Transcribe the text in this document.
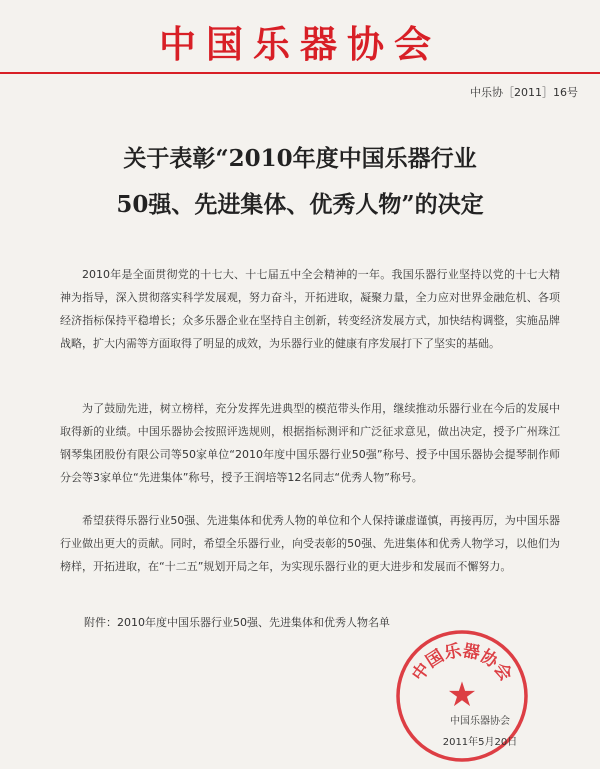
中国乐器协会
中乐协［2011］16号
关于表彰“2010年度中国乐器行业
50强、先进集体、优秀人物”的决定

2010年是全面贯彻党的十七大、十七届五中全会精神的一年。我国乐器行业坚持以党的十七大精神为指导，深入贯彻落实科学发展观，努力奋斗，开拓进取，凝聚力量，全力应对世界金融危机、各项经济指标保持平稳增长；众多乐器企业在坚持自主创新，转变经济发展方式，加快结构调整，实施品牌战略，扩大内需等方面取得了明显的成效，为乐器行业的健康有序发展打下了坚实的基础。

为了鼓励先进，树立榜样，充分发挥先进典型的模范带头作用，继续推动乐器行业在今后的发展中取得新的业绩。中国乐器协会按照评选规则，根据指标测评和广泛征求意见，做出决定，授予广州珠江钢琴集团股份有限公司等50家单位“2010年度中国乐器行业50强”称号、授予中国乐器协会提琴制作师分会等3家单位“先进集体”称号，授予王润培等12名同志“优秀人物”称号。

希望获得乐器行业50强、先进集体和优秀人物的单位和个人保持谦虚谨慎，再接再厉，为中国乐器行业做出更大的贡献。同时，希望全乐器行业，向受表彰的50强、先进集体和优秀人物学习，以他们为榜样，开拓进取，在“十二五”规划开局之年，为实现乐器行业的更大进步和发展而不懈努力。

附件：2010年度中国乐器行业50强、先进集体和优秀人物名单
中国乐器协会
★
中国乐器协会
2011年5月20日
